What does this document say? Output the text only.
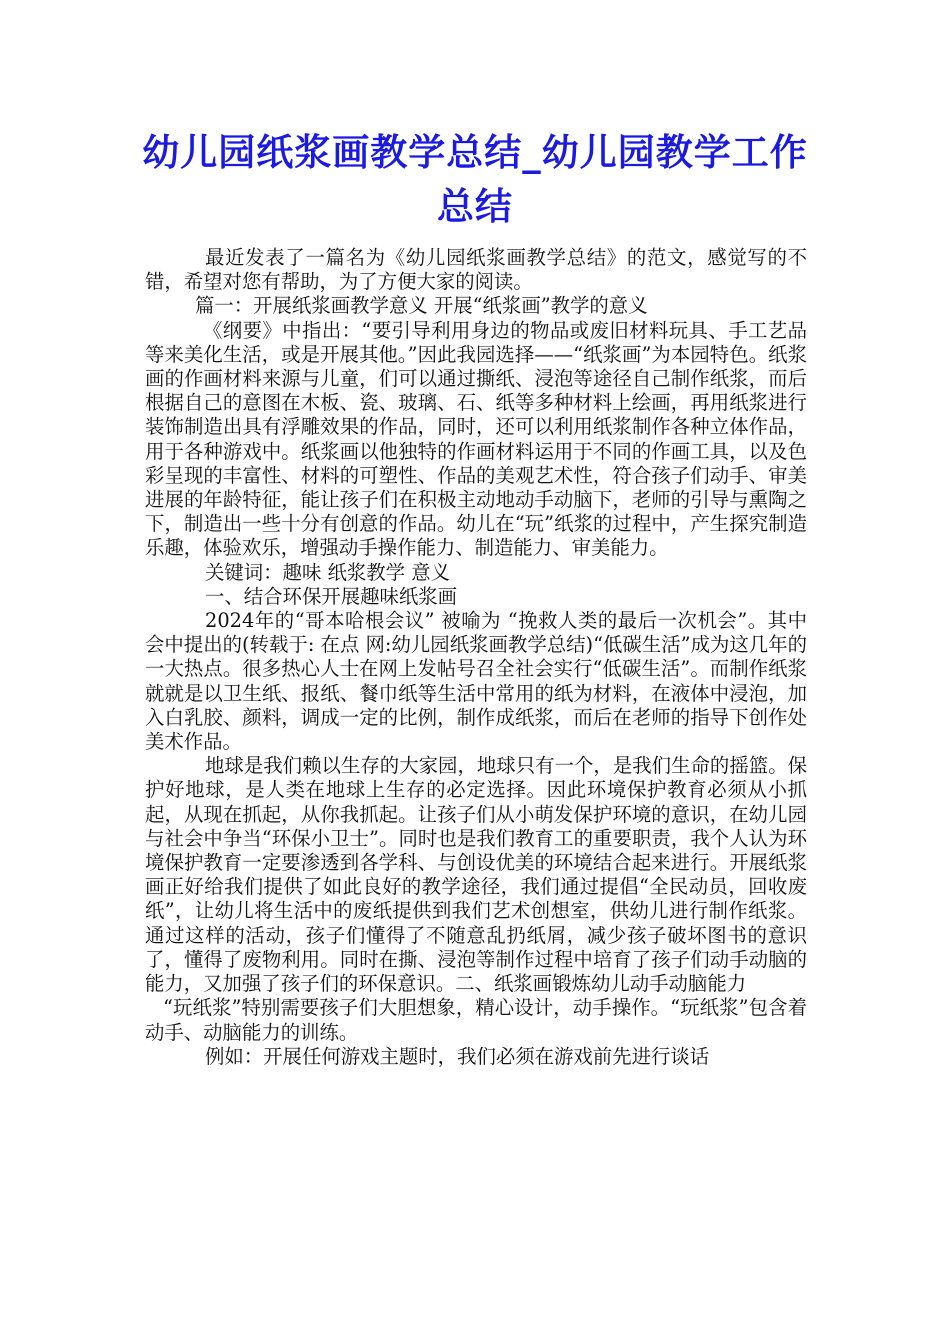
幼儿园纸浆画教学总结_幼儿园教学工作总结

最近发表了一篇名为《幼儿园纸浆画教学总结》的范文，感觉写的不错，希望对您有帮助，为了方便大家的阅读。

篇一：开展纸浆画教学意义 开展“纸浆画”教学的意义

《纲要》中指出：“要引导利用身边的物品或废旧材料玩具、手工艺品等来美化生活，或是开展其他。”因此我园选择——“纸浆画”为本园特色。纸浆画的作画材料来源与儿童，们可以通过撕纸、浸泡等途径自己制作纸浆，而后根据自己的意图在木板、瓷、玻璃、石、纸等多种材料上绘画，再用纸浆进行装饰制造出具有浮雕效果的作品，同时，还可以利用纸浆制作各种立体作品，用于各种游戏中。纸浆画以他独特的作画材料运用于不同的作画工具，以及色彩呈现的丰富性、材料的可塑性、作品的美观艺术性，符合孩子们动手、审美进展的年龄特征，能让孩子们在积极主动地动手动脑下，老师的引导与熏陶之下，制造出一些十分有创意的作品。幼儿在“玩”纸浆的过程中，产生探究制造乐趣，体验欢乐，增强动手操作能力、制造能力、审美能力。

关键词：趣味 纸浆教学 意义

一、结合环保开展趣味纸浆画

2024年的“哥本哈根会议” 被喻为 “挽救人类的最后一次机会”。其中会中提出的(转载于: 在点 网:幼儿园纸浆画教学总结)“低碳生活”成为这几年的一大热点。很多热心人士在网上发帖号召全社会实行“低碳生活”。而制作纸浆就就是以卫生纸、报纸、餐巾纸等生活中常用的纸为材料，在液体中浸泡，加入白乳胶、颜料，调成一定的比例，制作成纸浆，而后在老师的指导下创作处美术作品。

地球是我们赖以生存的大家园，地球只有一个，是我们生命的摇篮。保护好地球，是人类在地球上生存的必定选择。因此环境保护教育必须从小抓起，从现在抓起，从你我抓起。让孩子们从小萌发保护环境的意识，在幼儿园与社会中争当“环保小卫士”。同时也是我们教育工的重要职责，我个人认为环境保护教育一定要渗透到各学科、与创设优美的环境结合起来进行。开展纸浆画正好给我们提供了如此良好的教学途径，我们通过提倡“全民动员，回收废纸”，让幼儿将生活中的废纸提供到我们艺术创想室，供幼儿进行制作纸浆。通过这样的活动，孩子们懂得了不随意乱扔纸屑，减少孩子破坏图书的意识了，懂得了废物利用。同时在撕、浸泡等制作过程中培育了孩子们动手动脑的能力，又加强了孩子们的环保意识。二、纸浆画锻炼幼儿动手动脑能力

“玩纸浆”特别需要孩子们大胆想象，精心设计，动手操作。“玩纸浆”包含着动手、动脑能力的训练。

例如：开展任何游戏主题时，我们必须在游戏前先进行谈话
